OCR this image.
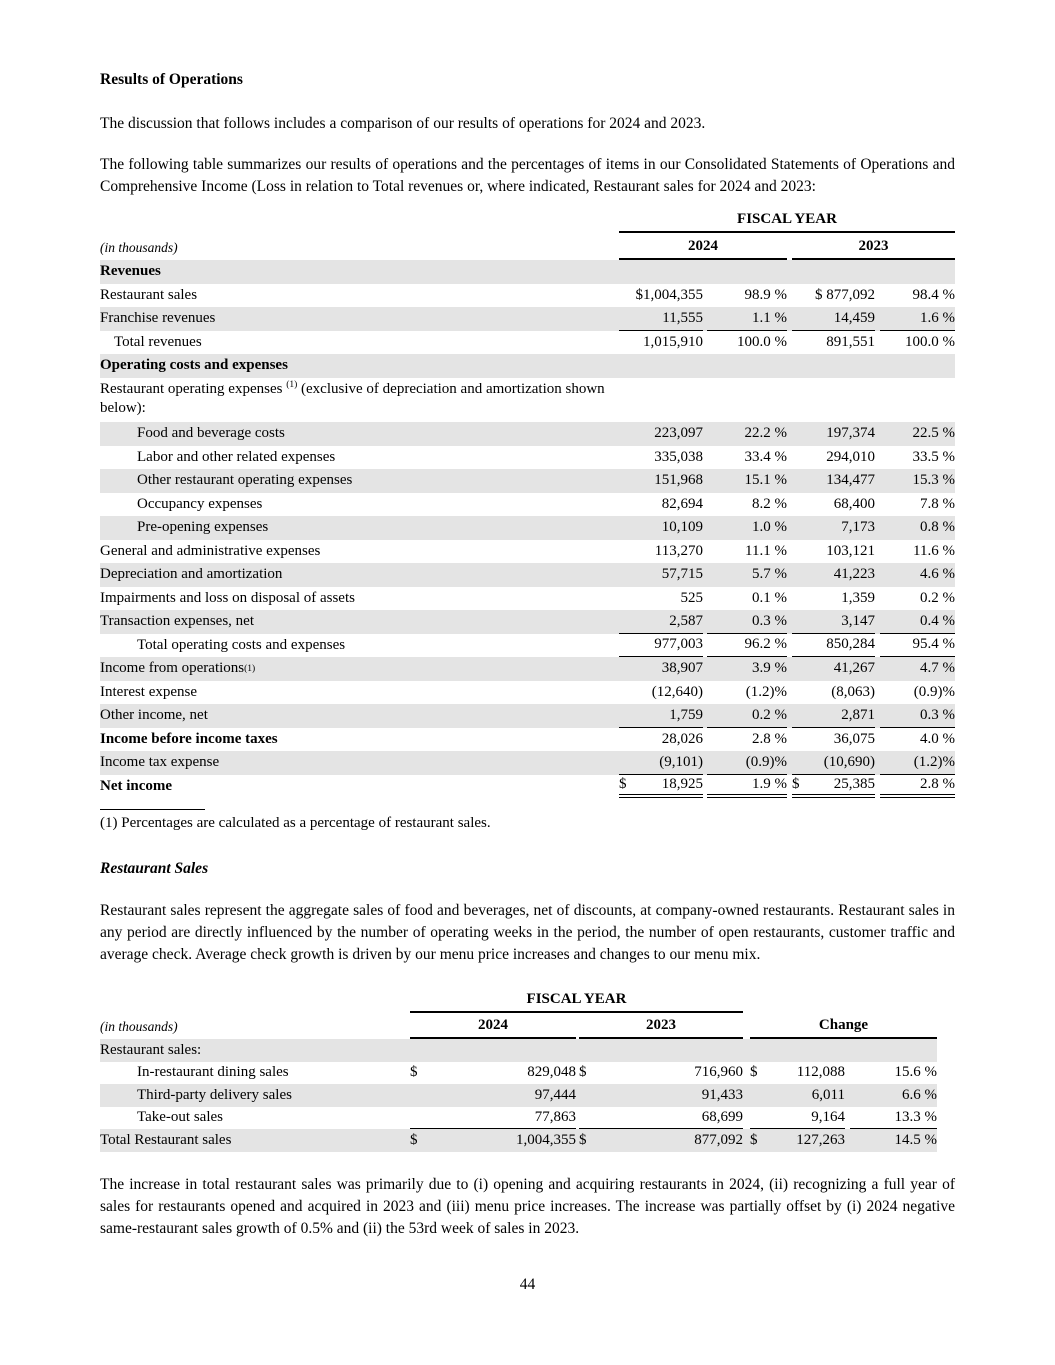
Results of Operations

The discussion that follows includes a comparison of our results of operations for 2024 and 2023.

The following table summarizes our results of operations and the percentages of items in our Consolidated Statements of Operations and Comprehensive Income (Loss in relation to Total revenues or, where indicated, Restaurant sales for 2024 and 2023:

FISCAL YEAR
(in thousands)	2024	2023
Revenues
Restaurant sales	$1,004,355	98.9 %	$ 877,092	98.4 %
Franchise revenues	11,555	1.1 %	14,459	1.6 %
Total revenues	1,015,910	100.0 %	891,551	100.0 %
Operating costs and expenses
Restaurant operating expenses $^{(1)}$ (exclusive of depreciation and amortization shown below):
Food and beverage costs	223,097	22.2 %	197,374	22.5 %
Labor and other related expenses	335,038	33.4 %	294,010	33.5 %
Other restaurant operating expenses	151,968	15.1 %	134,477	15.3 %
Occupancy expenses	82,694	8.2 %	68,400	7.8 %
Pre-opening expenses	10,109	1.0 %	7,173	0.8 %
General and administrative expenses	113,270	11.1 %	103,121	11.6 %
Depreciation and amortization	57,715	5.7 %	41,223	4.6 %
Impairments and loss on disposal of assets	525	0.1 %	1,359	0.2 %
Transaction expenses, net	2,587	0.3 %	3,147	0.4 %
Total operating costs and expenses	977,003	96.2 %	850,284	95.4 %
Income from operations (1)	38,907	3.9 %	41,267	4.7 %
Interest expense	(12,640)	(1.2)%	(8,063)	(0.9)%
Other income, net	1,759	0.2 %	2,871	0.3 %
Income before income taxes	28,026	2.8 %	36,075	4.0 %
Income tax expense	(9,101)	(0.9)%	(10,690)	(1.2)%
Net income	$ 18,925	1.9 % $ 25,385	2.8 %
(1) Percentages are calculated as a percentage of restaurant sales.
Restaurant Sales

Restaurant sales represent the aggregate sales of food and beverages, net of discounts, at company-owned restaurants. Restaurant sales in any period are directly influenced by the number of operating weeks in the period, the number of open restaurants, customer traffic and average check. Average check growth is driven by our menu price increases and changes to our menu mix.

FISCAL YEAR
(in thousands)	2024	2023	Change
Restaurant sales:
In-restaurant dining sales	$	829,048 $	716,960 $	112,088	15.6 %
Third-party delivery sales	97,444	91,433	6,011	6.6 %
Take-out sales	77,863	68,699	9,164	13.3 %
Total Restaurant sales	$	1,004,355 $	877,092 $	127,263	14.5 %

The increase in total restaurant sales was primarily due to (i) opening and acquiring restaurants in 2024, (ii) recognizing a full year of sales for restaurants opened and acquired in 2023 and (iii) menu price increases. The increase was partially offset by (i) 2024 negative same-restaurant sales growth of 0.5% and (ii) the 53rd week of sales in 2023.

44
